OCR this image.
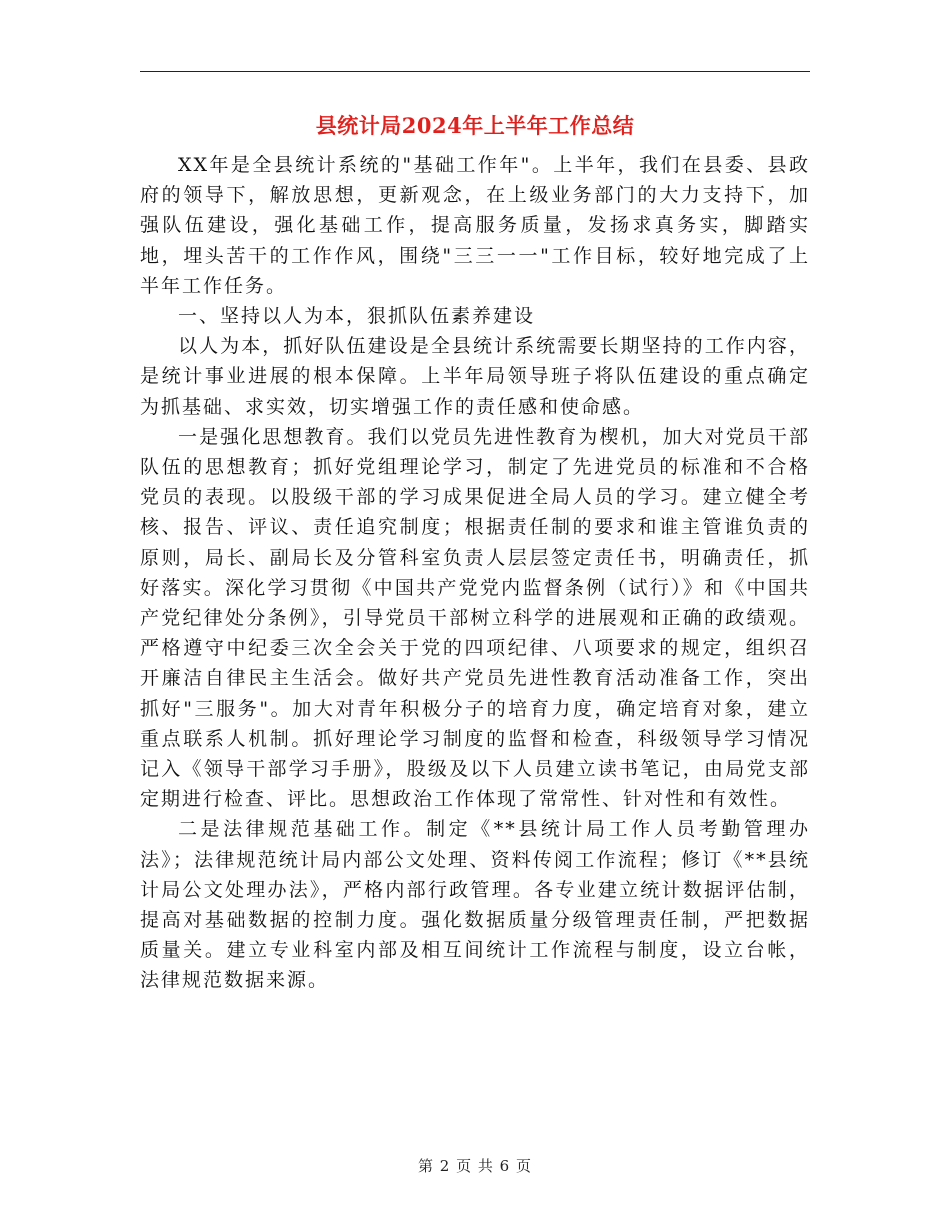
县统计局2024年上半年工作总结

XX年是全县统计系统的"基础工作年"。上半年，我们在县委、县政府的领导下，解放思想，更新观念，在上级业务部门的大力支持下，加强队伍建设，强化基础工作，提高服务质量，发扬求真务实，脚踏实地，埋头苦干的工作作风，围绕"三三一一"工作目标，较好地完成了上半年工作任务。

一、坚持以人为本，狠抓队伍素养建设

以人为本，抓好队伍建设是全县统计系统需要长期坚持的工作内容，是统计事业进展的根本保障。上半年局领导班子将队伍建设的重点确定为抓基础、求实效，切实增强工作的责任感和使命感。

一是强化思想教育。我们以党员先进性教育为楔机，加大对党员干部队伍的思想教育；抓好党组理论学习，制定了先进党员的标准和不合格党员的表现。以股级干部的学习成果促进全局人员的学习。建立健全考核、报告、评议、责任追究制度；根据责任制的要求和谁主管谁负责的原则，局长、副局长及分管科室负责人层层签定责任书，明确责任，抓好落实。深化学习贯彻《中国共产党党内监督条例（试行）》和《中国共产党纪律处分条例》，引导党员干部树立科学的进展观和正确的政绩观。严格遵守中纪委三次全会关于党的四项纪律、八项要求的规定，组织召开廉洁自律民主生活会。做好共产党员先进性教育活动准备工作，突出抓好"三服务"。加大对青年积极分子的培育力度，确定培育对象，建立重点联系人机制。抓好理论学习制度的监督和检查，科级领导学习情况记入《领导干部学习手册》，股级及以下人员建立读书笔记，由局党支部定期进行检查、评比。思想政治工作体现了常常性、针对性和有效性。

二是法律规范基础工作。制定《**县统计局工作人员考勤管理办法》；法律规范统计局内部公文处理、资料传阅工作流程；修订《**县统计局公文处理办法》，严格内部行政管理。各专业建立统计数据评估制，提高对基础数据的控制力度。强化数据质量分级管理责任制，严把数据质量关。建立专业科室内部及相互间统计工作流程与制度，设立台帐，法律规范数据来源。

第 2 页 共 6 页
